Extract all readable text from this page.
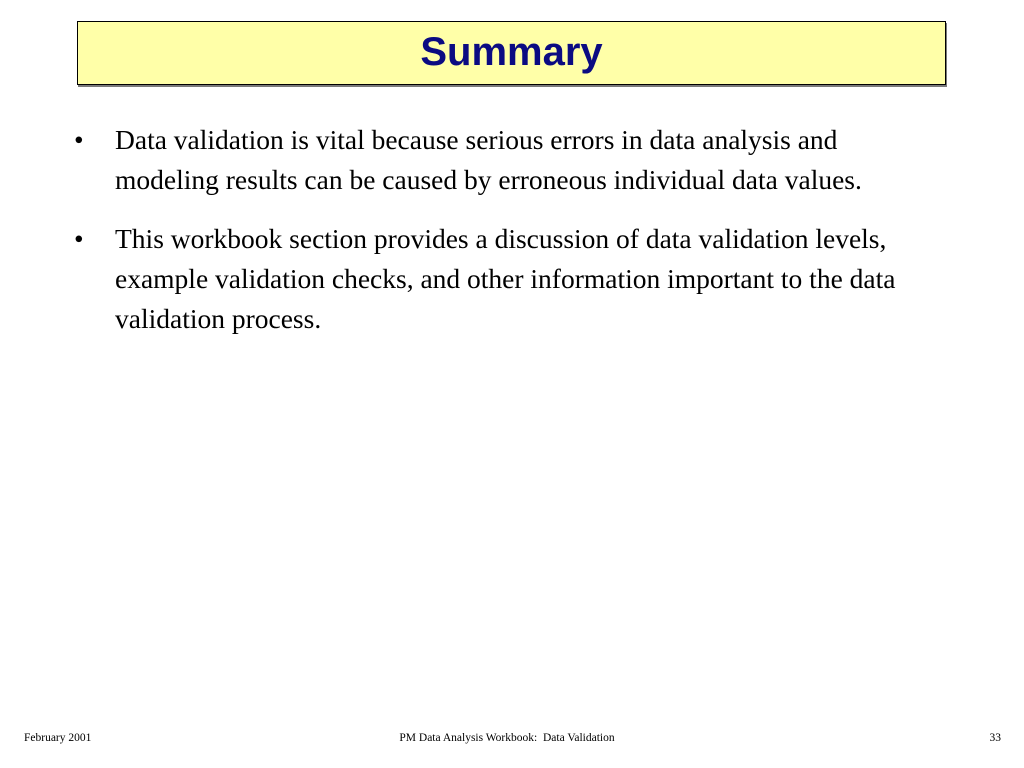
Summary
• Data validation is vital because serious errors in data analysis and modeling results can be caused by erroneous individual data values.
• This workbook section provides a discussion of data validation levels, example validation checks, and other information important to the data validation process.
February 2001	PM Data Analysis Workbook:  Data Validation	33
